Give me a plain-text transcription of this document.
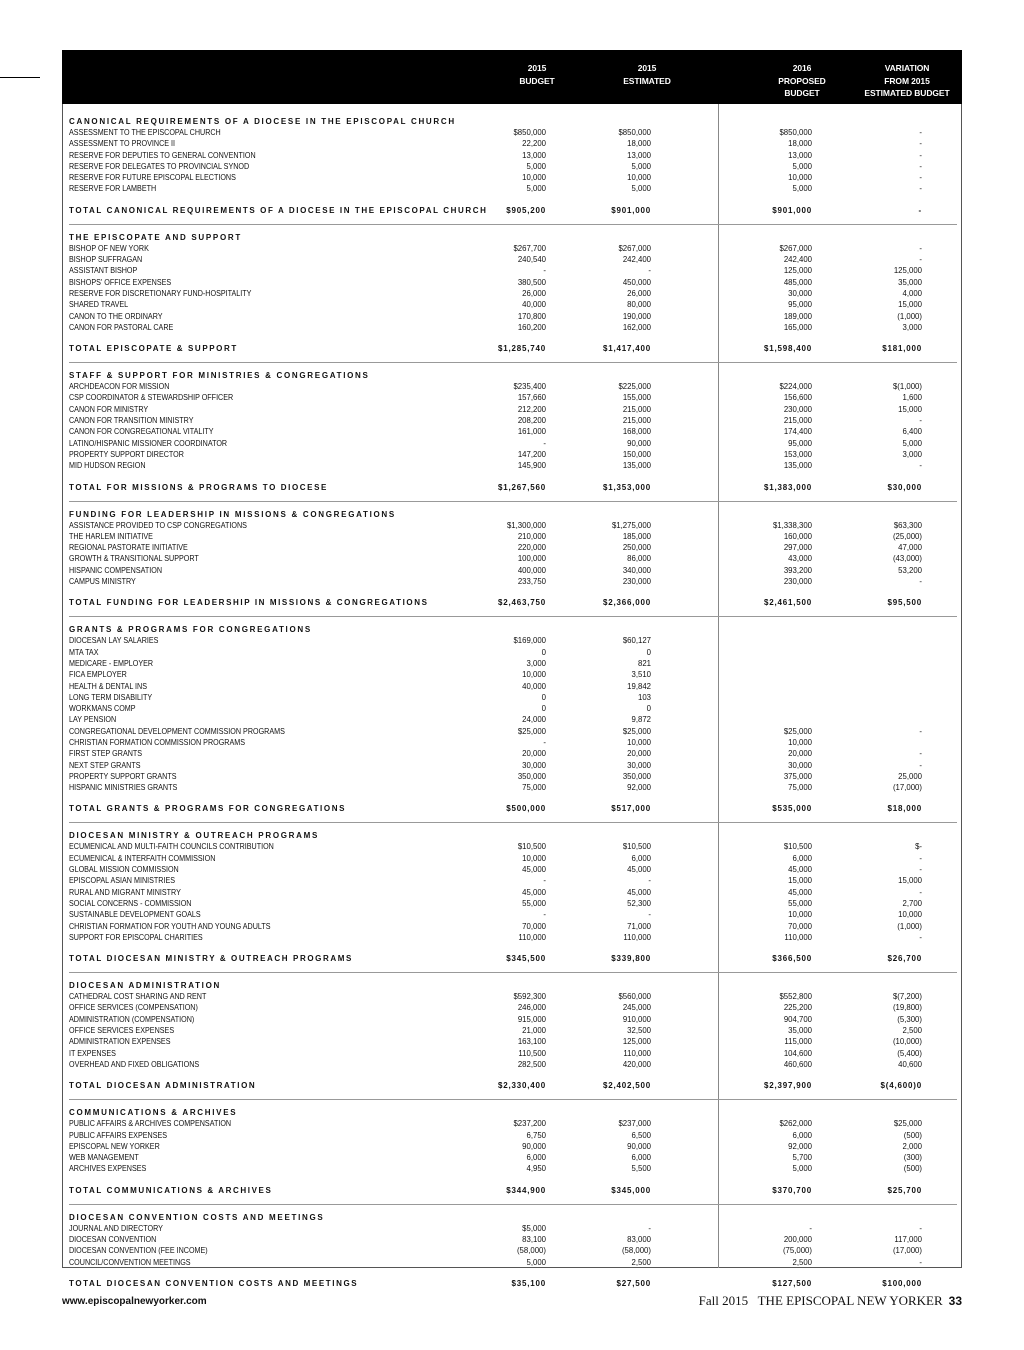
2015
BUDGET
2015
ESTIMATED
2016
PROPOSED
BUDGET
VARIATION
FROM 2015
ESTIMATED BUDGET
CANONICAL REQUIREMENTS OF A DIOCESE IN THE EPISCOPAL CHURCH
ASSESSMENT TO THE EPISCOPAL CHURCH	$850,000	$850,000	$850,000	-
ASSESSMENT TO PROVINCE II	22,200	18,000	18,000	-
RESERVE FOR DEPUTIES TO GENERAL CONVENTION	13,000	13,000	13,000	-
RESERVE FOR DELEGATES TO PROVINCIAL SYNOD	5,000	5,000	5,000	-
RESERVE FOR FUTURE EPISCOPAL ELECTIONS	10,000	10,000	10,000	-
RESERVE FOR LAMBETH	5,000	5,000	5,000	-
TOTAL CANONICAL REQUIREMENTS OF A DIOCESE IN THE EPISCOPAL CHURCH	$905,200	$901,000	$901,000	-
THE EPISCOPATE AND SUPPORT
BISHOP OF NEW YORK	$267,700	$267,000	$267,000	-
BISHOP SUFFRAGAN	240,540	242,400	242,400	-
ASSISTANT BISHOP	-	-	125,000	125,000
BISHOPS' OFFICE EXPENSES	380,500	450,000	485,000	35,000
RESERVE FOR DISCRETIONARY FUND-HOSPITALITY	26,000	26,000	30,000	4,000
SHARED TRAVEL	40,000	80,000	95,000	15,000
CANON TO THE ORDINARY	170,800	190,000	189,000	(1,000)
CANON FOR PASTORAL CARE	160,200	162,000	165,000	3,000
TOTAL EPISCOPATE & SUPPORT	$1,285,740	$1,417,400	$1,598,400	$181,000
STAFF & SUPPORT FOR MINISTRIES & CONGREGATIONS
ARCHDEACON FOR MISSION	$235,400	$225,000	$224,000	$(1,000)
CSP COORDINATOR & STEWARDSHIP OFFICER	157,660	155,000	156,600	1,600
CANON FOR MINISTRY	212,200	215,000	230,000	15,000
CANON FOR TRANSITION MINISTRY	208,200	215,000	215,000	-
CANON FOR CONGREGATIONAL VITALITY	161,000	168,000	174,400	6,400
LATINO/HISPANIC MISSIONER COORDINATOR	-	90,000	95,000	5,000
PROPERTY SUPPORT DIRECTOR	147,200	150,000	153,000	3,000
MID HUDSON REGION	145,900	135,000	135,000	-
TOTAL FOR MISSIONS & PROGRAMS TO DIOCESE	$1,267,560	$1,353,000	$1,383,000	$30,000
FUNDING FOR LEADERSHIP IN MISSIONS & CONGREGATIONS
ASSISTANCE PROVIDED TO CSP CONGREGATIONS	$1,300,000	$1,275,000	$1,338,300	$63,300
THE HARLEM INITIATIVE	210,000	185,000	160,000	(25,000)
REGIONAL PASTORATE INITIATIVE	220,000	250,000	297,000	47,000
GROWTH & TRANSITIONAL SUPPORT	100,000	86,000	43,000	(43,000)
HISPANIC COMPENSATION	400,000	340,000	393,200	53,200
CAMPUS MINISTRY	233,750	230,000	230,000	-
TOTAL FUNDING FOR LEADERSHIP IN MISSIONS & CONGREGATIONS	$2,463,750	$2,366,000	$2,461,500	$95,500
GRANTS & PROGRAMS FOR CONGREGATIONS
DIOCESAN LAY SALARIES	$169,000	$60,127
MTA TAX	0	0
MEDICARE - EMPLOYER	3,000	821
FICA EMPLOYER	10,000	3,510
HEALTH & DENTAL INS	40,000	19,842
LONG TERM DISABILITY	0	103
WORKMANS COMP	0	0
LAY PENSION	24,000	9,872
CONGREGATIONAL DEVELOPMENT COMMISSION PROGRAMS	$25,000	$25,000	$25,000	-
CHRISTIAN FORMATION COMMISSION PROGRAMS	-	10,000	10,000
FIRST STEP GRANTS	20,000	20,000	20,000	-
NEXT STEP GRANTS	30,000	30,000	30,000	-
PROPERTY SUPPORT GRANTS	350,000	350,000	375,000	25,000
HISPANIC MINISTRIES GRANTS	75,000	92,000	75,000	(17,000)
TOTAL GRANTS & PROGRAMS FOR CONGREGATIONS	$500,000	$517,000	$535,000	$18,000
DIOCESAN MINISTRY & OUTREACH PROGRAMS
ECUMENICAL AND MULTI-FAITH COUNCILS CONTRIBUTION	$10,500	$10,500	$10,500	$-
ECUMENICAL & INTERFAITH COMMISSION	10,000	6,000	6,000	-
GLOBAL MISSION COMMISSION	45,000	45,000	45,000	-
EPISCOPAL ASIAN MINISTRIES	-	-	15,000	15,000
RURAL AND MIGRANT MINISTRY	45,000	45,000	45,000	-
SOCIAL CONCERNS - COMMISSION	55,000	52,300	55,000	2,700
SUSTAINABLE DEVELOPMENT GOALS	-	-	10,000	10,000
CHRISTIAN FORMATION FOR YOUTH AND YOUNG ADULTS	70,000	71,000	70,000	(1,000)
SUPPORT FOR EPISCOPAL CHARITIES	110,000	110,000	110,000	-
TOTAL DIOCESAN MINISTRY & OUTREACH PROGRAMS	$345,500	$339,800	$366,500	$26,700
DIOCESAN ADMINISTRATION
CATHEDRAL COST SHARING AND RENT	$592,300	$560,000	$552,800	$(7,200)
OFFICE SERVICES (COMPENSATION)	246,000	245,000	225,200	(19,800)
ADMINISTRATION (COMPENSATION)	915,000	910,000	904,700	(5,300)
OFFICE SERVICES EXPENSES	21,000	32,500	35,000	2,500
ADMINISTRATION EXPENSES	163,100	125,000	115,000	(10,000)
IT EXPENSES	110,500	110,000	104,600	(5,400)
OVERHEAD AND FIXED OBLIGATIONS	282,500	420,000	460,600	40,600
TOTAL DIOCESAN ADMINISTRATION	$2,330,400	$2,402,500	$2,397,900	$(4,600)0
COMMUNICATIONS & ARCHIVES
PUBLIC AFFAIRS & ARCHIVES COMPENSATION	$237,200	$237,000	$262,000	$25,000
PUBLIC AFFAIRS EXPENSES	6,750	6,500	6,000	(500)
EPISCOPAL NEW YORKER	90,000	90,000	92,000	2,000
WEB MANAGEMENT	6,000	6,000	5,700	(300)
ARCHIVES EXPENSES	4,950	5,500	5,000	(500)
TOTAL COMMUNICATIONS & ARCHIVES	$344,900	$345,000	$370,700	$25,700
DIOCESAN CONVENTION COSTS AND MEETINGS
JOURNAL AND DIRECTORY	$5,000	-	-	-
DIOCESAN CONVENTION	83,100	83,000	200,000	117,000
DIOCESAN CONVENTION (FEE INCOME)	(58,000)	(58,000)	(75,000)	(17,000)
COUNCIL/CONVENTION MEETINGS	5,000	2,500	2,500	-
TOTAL DIOCESAN CONVENTION COSTS AND MEETINGS	$35,100	$27,500	$127,500	$100,000
www.episcopalnewyorker.com	Fall 2015   THE EPISCOPAL NEW YORKER 33
